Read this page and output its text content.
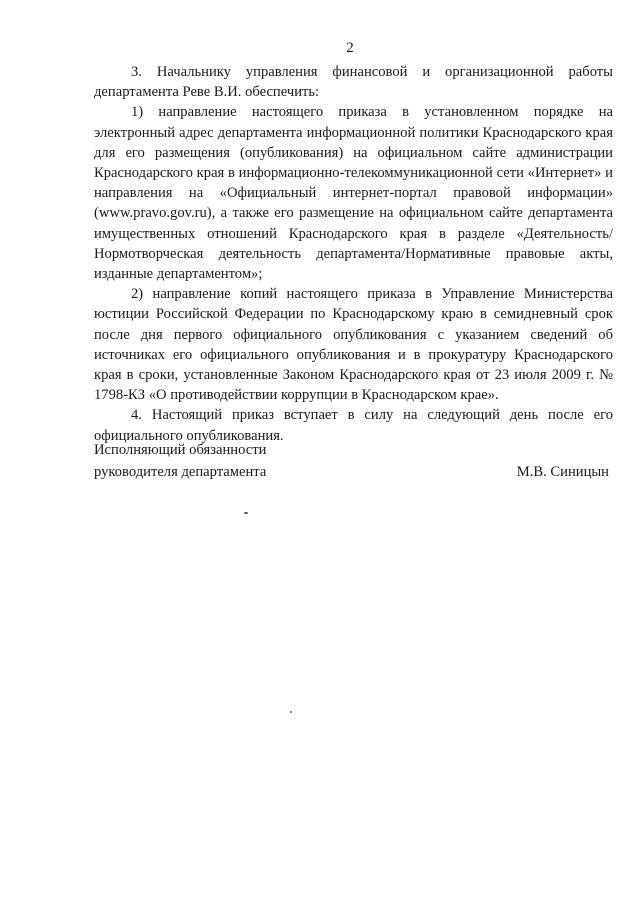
2

3. Начальнику управления финансовой и организационной работы департамента Реве В.И. обеспечить:

1) направление настоящего приказа в установленном порядке на электронный адрес департамента информационной политики Краснодарского края для его размещения (опубликования) на официальном сайте администрации Краснодарского края в информационно-телекоммуникационной сети «Интернет» и направления на «Официальный интернет-портал правовой информации» (www.pravo.gov.ru), а также его размещение на официальном сайте департамента имущественных отношений Краснодарского края в разделе «Деятельность/Нормотворческая деятельность департамента/Нормативные правовые акты, изданные департаментом»;

2) направление копий настоящего приказа в Управление Министерства юстиции Российской Федерации по Краснодарскому краю в семидневный срок после дня первого официального опубликования с указанием сведений об источниках его официального опубликования и в прокуратуру Краснодарского края в сроки, установленные Законом Краснодарского края от 23 июля 2009 г. № 1798-КЗ «О противодействии коррупции в Краснодарском крае».

4. Настоящий приказ вступает в силу на следующий день после его официального опубликования.

Исполняющий обязанности
руководителя департамента	М.В. Синицын
